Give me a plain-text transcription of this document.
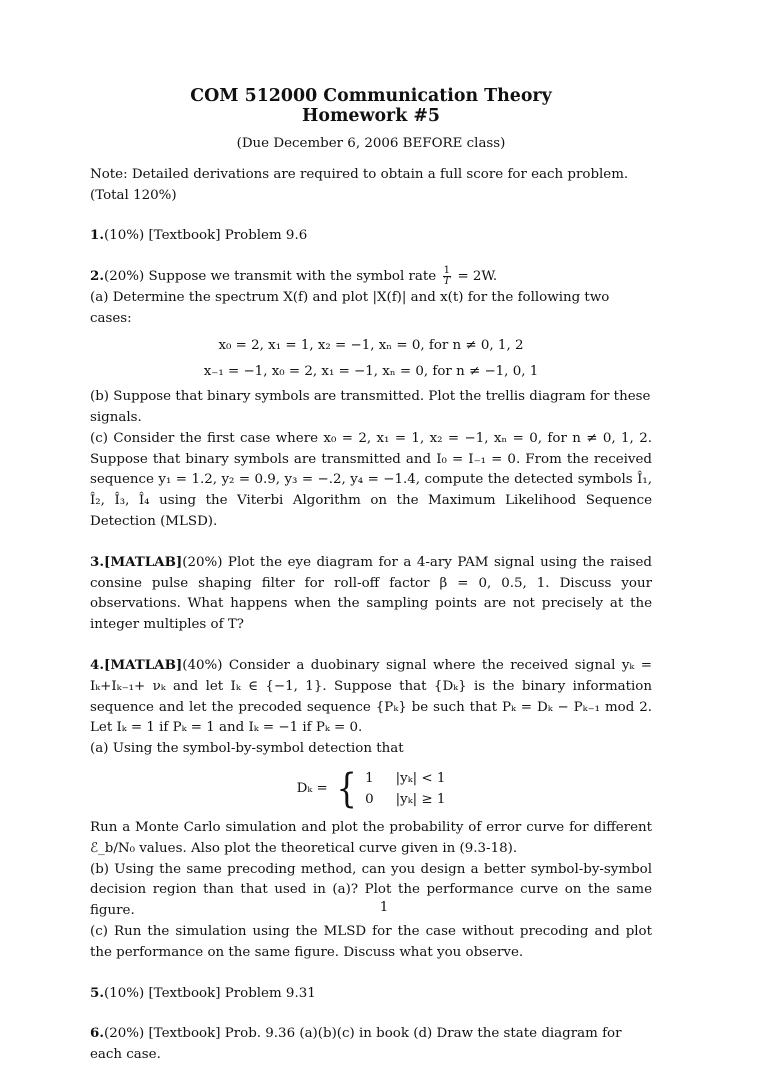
COM 512000 Communication Theory
Homework #5
(Due December 6, 2006 BEFORE class)
Note: Detailed derivations are required to obtain a full score for each problem. (Total 120%)
1.(10%) [Textbook] Problem 9.6
2.(20%) Suppose we transmit with the symbol rate $\frac{1}{T} = 2W$.
(a) Determine the spectrum X(f) and plot |X(f)| and x(t) for the following two cases:
x₀ = 2, x₁ = 1, x₂ = −1, xₙ = 0, for n ≠ 0, 1, 2
x₋₁ = −1, x₀ = 2, x₁ = −1, xₙ = 0, for n ≠ −1, 0, 1
(b) Suppose that binary symbols are transmitted. Plot the trellis diagram for these signals.
(c) Consider the first case where x₀ = 2, x₁ = 1, x₂ = −1, xₙ = 0, for n ≠ 0, 1, 2. Suppose that binary symbols are transmitted and I₀ = I₋₁ = 0. From the received sequence y₁ = 1.2, y₂ = 0.9, y₃ = −.2, y₄ = −1.4, compute the detected symbols Î₁, Î₂, Î₃, Î₄ using the Viterbi Algorithm on the Maximum Likelihood Sequence Detection (MLSD).
3.[MATLAB](20%) Plot the eye diagram for a 4-ary PAM signal using the raised consine pulse shaping filter for roll-off factor β = 0, 0.5, 1. Discuss your observations. What happens when the sampling points are not precisely at the integer multiples of T?
4.[MATLAB](40%) Consider a duobinary signal where the received signal yₖ = Iₖ+Iₖ₋₁+ νₖ and let Iₖ ∈ {−1, 1}. Suppose that {Dₖ} is the binary information sequence and let the precoded sequence {Pₖ} be such that Pₖ = Dₖ − Pₖ₋₁ mod 2. Let Iₖ = 1 if Pₖ = 1 and Iₖ = −1 if Pₖ = 0.
(a) Using the symbol-by-symbol detection that
Dₖ = { 1 |yₖ| < 1
0 |yₖ| ≥ 1
Run a Monte Carlo simulation and plot the probability of error curve for different ℰ_b/N₀ values. Also plot the theoretical curve given in (9.3-18).
(b) Using the same precoding method, can you design a better symbol-by-symbol decision region than that used in (a)? Plot the performance curve on the same figure.
(c) Run the simulation using the MLSD for the case without precoding and plot the performance on the same figure. Discuss what you observe.
5.(10%) [Textbook] Problem 9.31
6.(20%) [Textbook] Prob. 9.36 (a)(b)(c) in book (d) Draw the state diagram for each case.
1
